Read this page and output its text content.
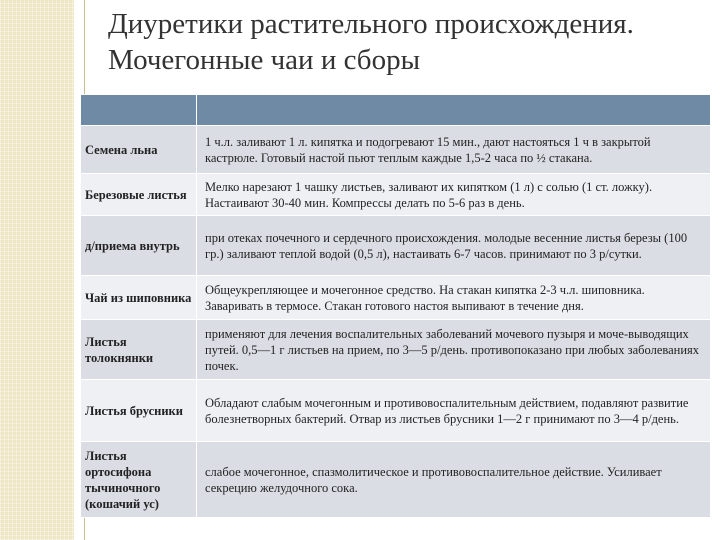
Диуретики растительного происхождения.
Мочегонные чаи и сборы

Семена льна	1 ч.л. заливают 1 л. кипятка и подогревают 15 мин., дают настояться 1 ч в закрытой кастрюле. Готовый настой пьют теплым каждые 1,5-2 часа по ½ стакана.
Березовые листья	Мелко нарезают 1 чашку листьев, заливают их кипятком (1 л) с солью (1 ст. ложку). Настаивают 30-40 мин. Компрессы делать по 5-6 раз в день.
д/приема внутрь	при отеках почечного и сердечного происхождения. молодые весенние листья березы (100 гр.) заливают теплой водой (0,5 л), настаивать 6-7 часов. принимают по 3 р/сутки.
Чай из шиповника	Общеукрепляющее и мочегонное средство. На стакан кипятка 2-3 ч.л. шиповника. Заваривать в термосе. Стакан готового настоя выпивают в течение дня.
Листья толокнянки	применяют для лечения воспалительных заболеваний мочевого пузыря и моче-выводящих путей. 0,5—1 г листьев на прием, по 3—5 р/день. противопоказано при любых заболеваниях почек.
Листья брусники	Обладают слабым мочегонным и противовоспалительным действием, подавляют развитие болезнетворных бактерий. Отвар из листьев брусники 1—2 г принимают по 3—4 р/день.
Листья ортосифона тычиночного (кошачий ус)	слабое мочегонное, спазмолитическое и противовоспалительное действие. Усиливает секрецию желудочного сока.
